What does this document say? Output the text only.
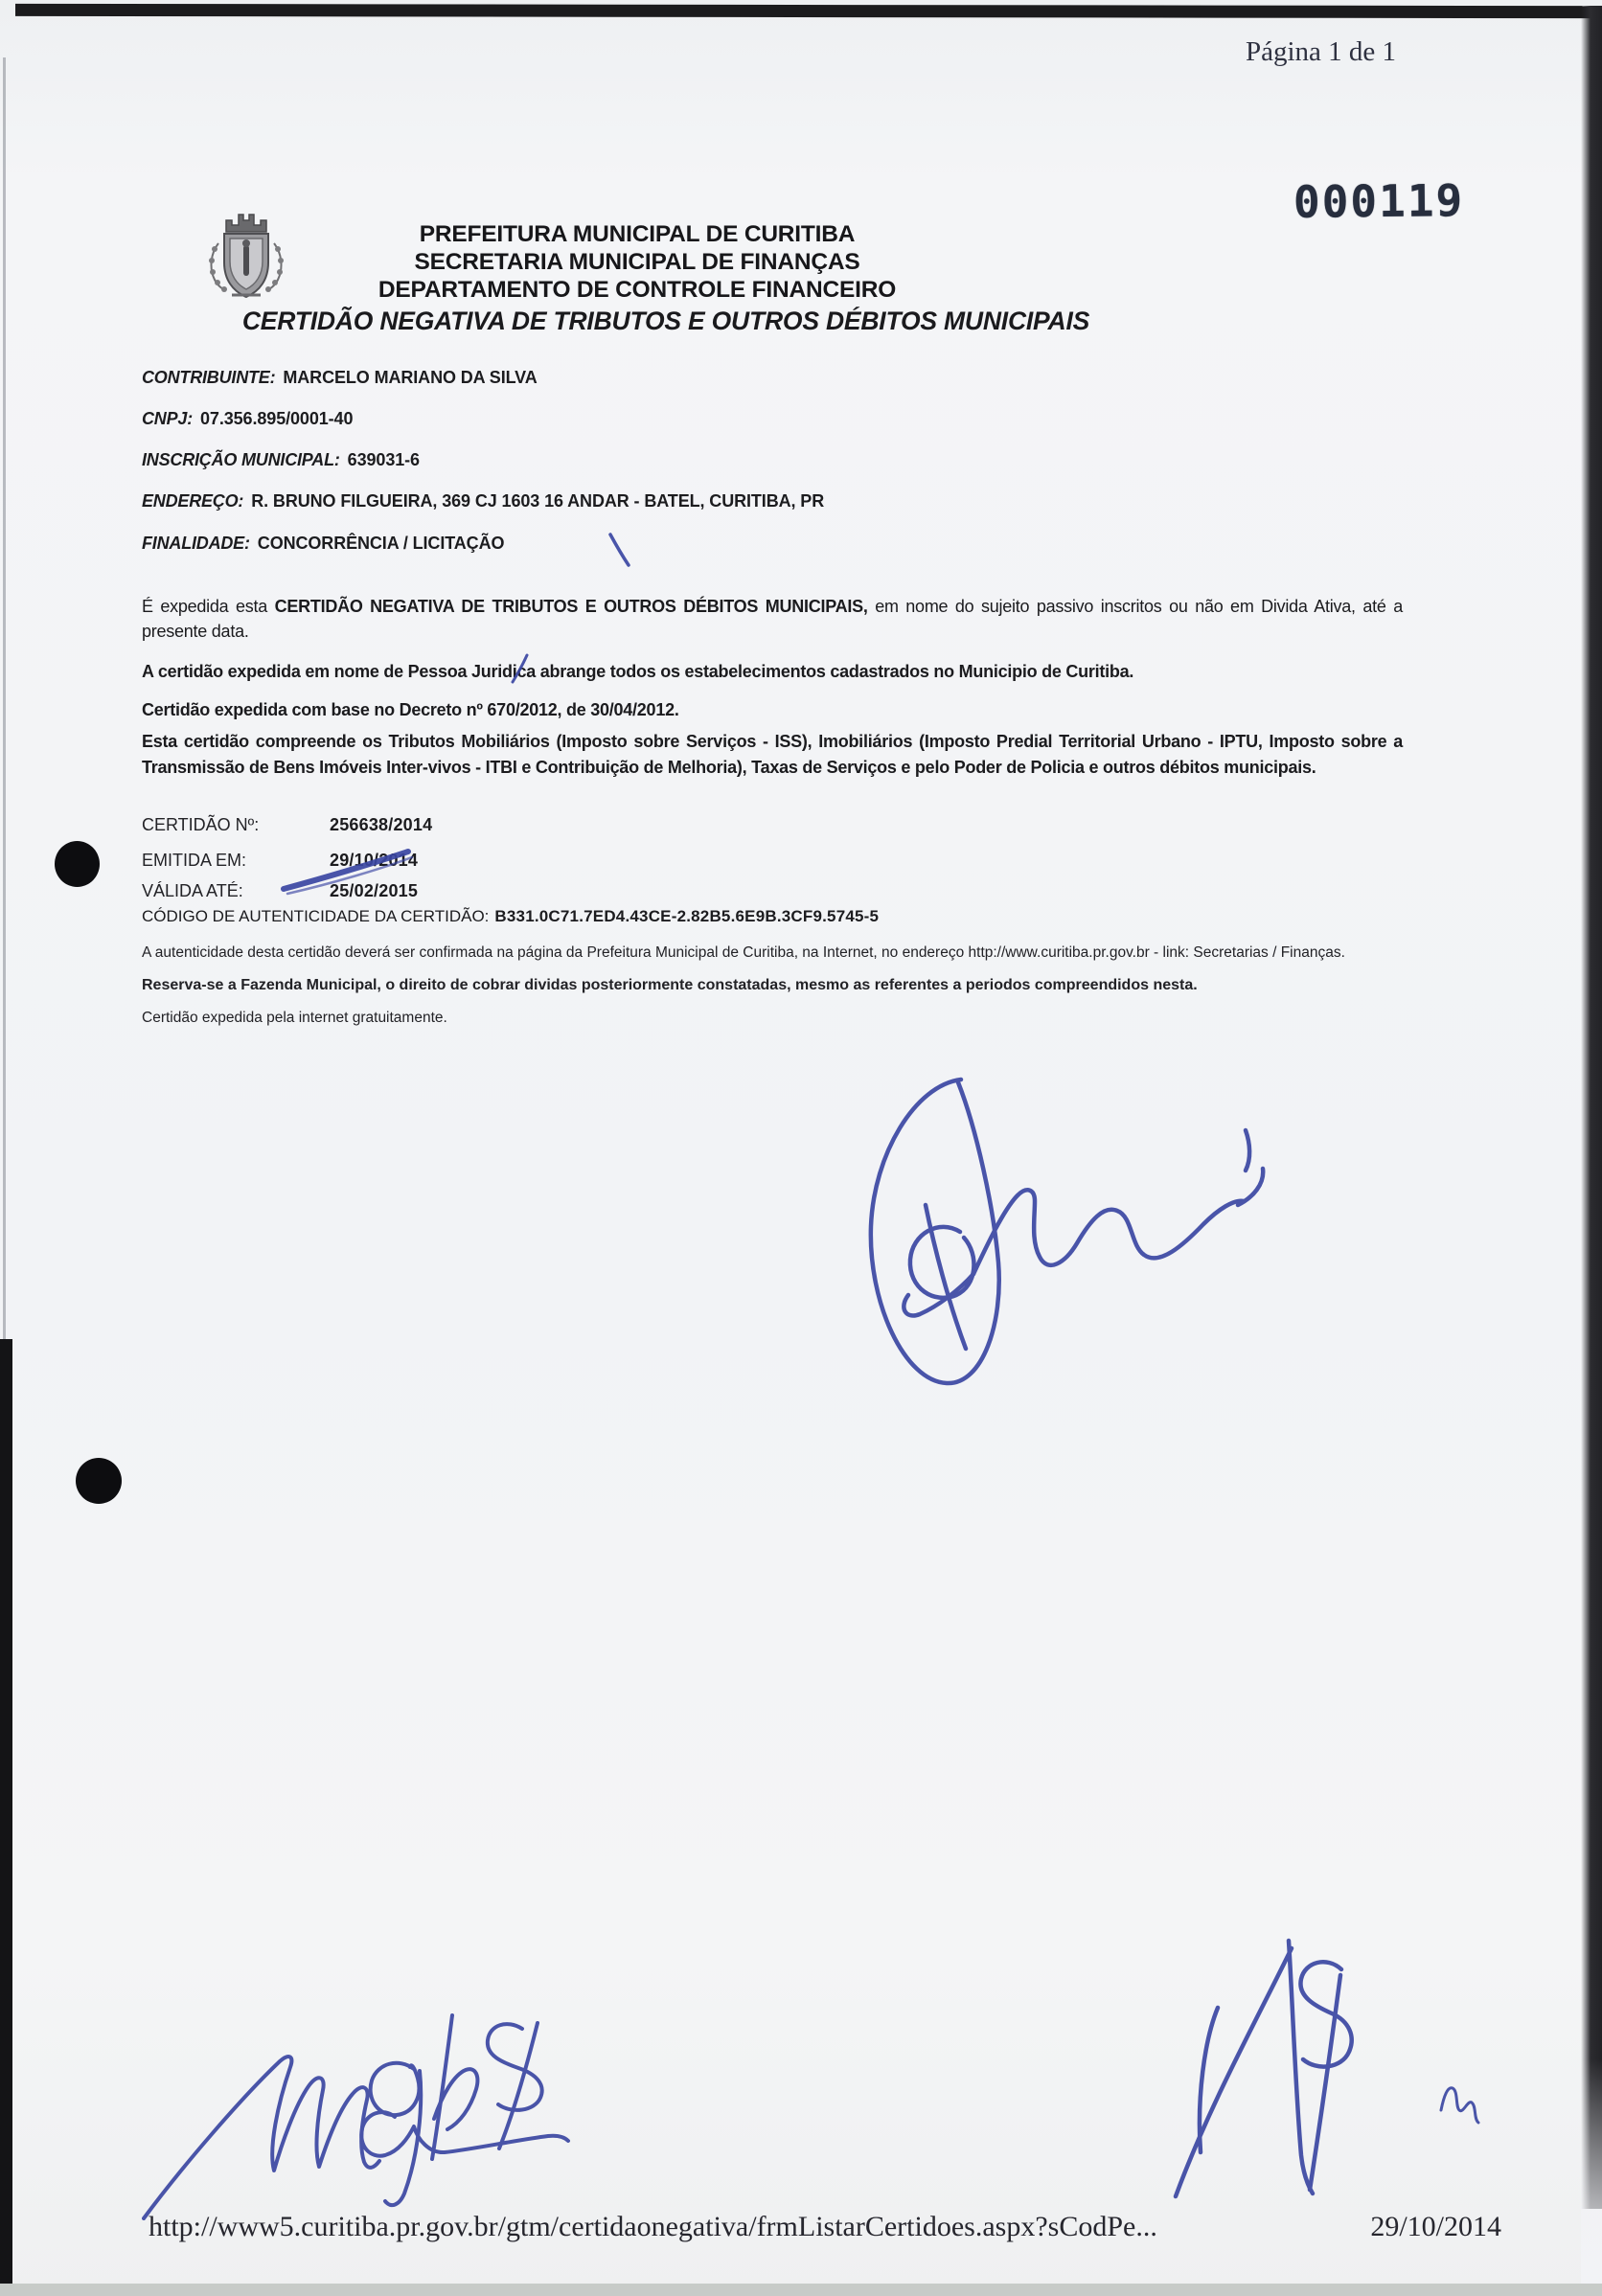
Página 1 de 1
000119
PREFEITURA MUNICIPAL DE CURITIBA
SECRETARIA MUNICIPAL DE FINANÇAS
DEPARTAMENTO DE CONTROLE FINANCEIRO
CERTIDÃO NEGATIVA DE TRIBUTOS E OUTROS DÉBITOS MUNICIPAIS
CONTRIBUINTE: MARCELO MARIANO DA SILVA
CNPJ: 07.356.895/0001-40
INSCRIÇÃO MUNICIPAL: 639031-6
ENDEREÇO: R. BRUNO FILGUEIRA, 369 CJ 1603 16 ANDAR - BATEL, CURITIBA, PR
FINALIDADE: CONCORRÊNCIA / LICITAÇÃO
É expedida esta CERTIDÃO NEGATIVA DE TRIBUTOS E OUTROS DÉBITOS MUNICIPAIS, em nome do sujeito passivo inscritos ou não em Divida Ativa, até a presente data.
A certidão expedida em nome de Pessoa Juridica abrange todos os estabelecimentos cadastrados no Municipio de Curitiba.
Certidão expedida com base no Decreto nº 670/2012, de 30/04/2012.
Esta certidão compreende os Tributos Mobiliários (Imposto sobre Serviços - ISS), Imobiliários (Imposto Predial Territorial Urbano - IPTU, Imposto sobre a Transmissão de Bens Imóveis Inter-vivos - ITBI e Contribuição de Melhoria), Taxas de Serviços e pelo Poder de Policia e outros débitos municipais.
CERTIDÃO Nº:	256638/2014
EMITIDA EM:	29/10/2014
VÁLIDA ATÉ:	25/02/2015
CÓDIGO DE AUTENTICIDADE DA CERTIDÃO: B331.0C71.7ED4.43CE-2.82B5.6E9B.3CF9.5745-5
A autenticidade desta certidão deverá ser confirmada na página da Prefeitura Municipal de Curitiba, na Internet, no endereço http://www.curitiba.pr.gov.br - link: Secretarias / Finanças.
Reserva-se a Fazenda Municipal, o direito de cobrar dividas posteriormente constatadas, mesmo as referentes a periodos compreendidos nesta.
Certidão expedida pela internet gratuitamente.
http://www5.curitiba.pr.gov.br/gtm/certidaonegativa/frmListarCertidoes.aspx?sCodPe...	29/10/2014
